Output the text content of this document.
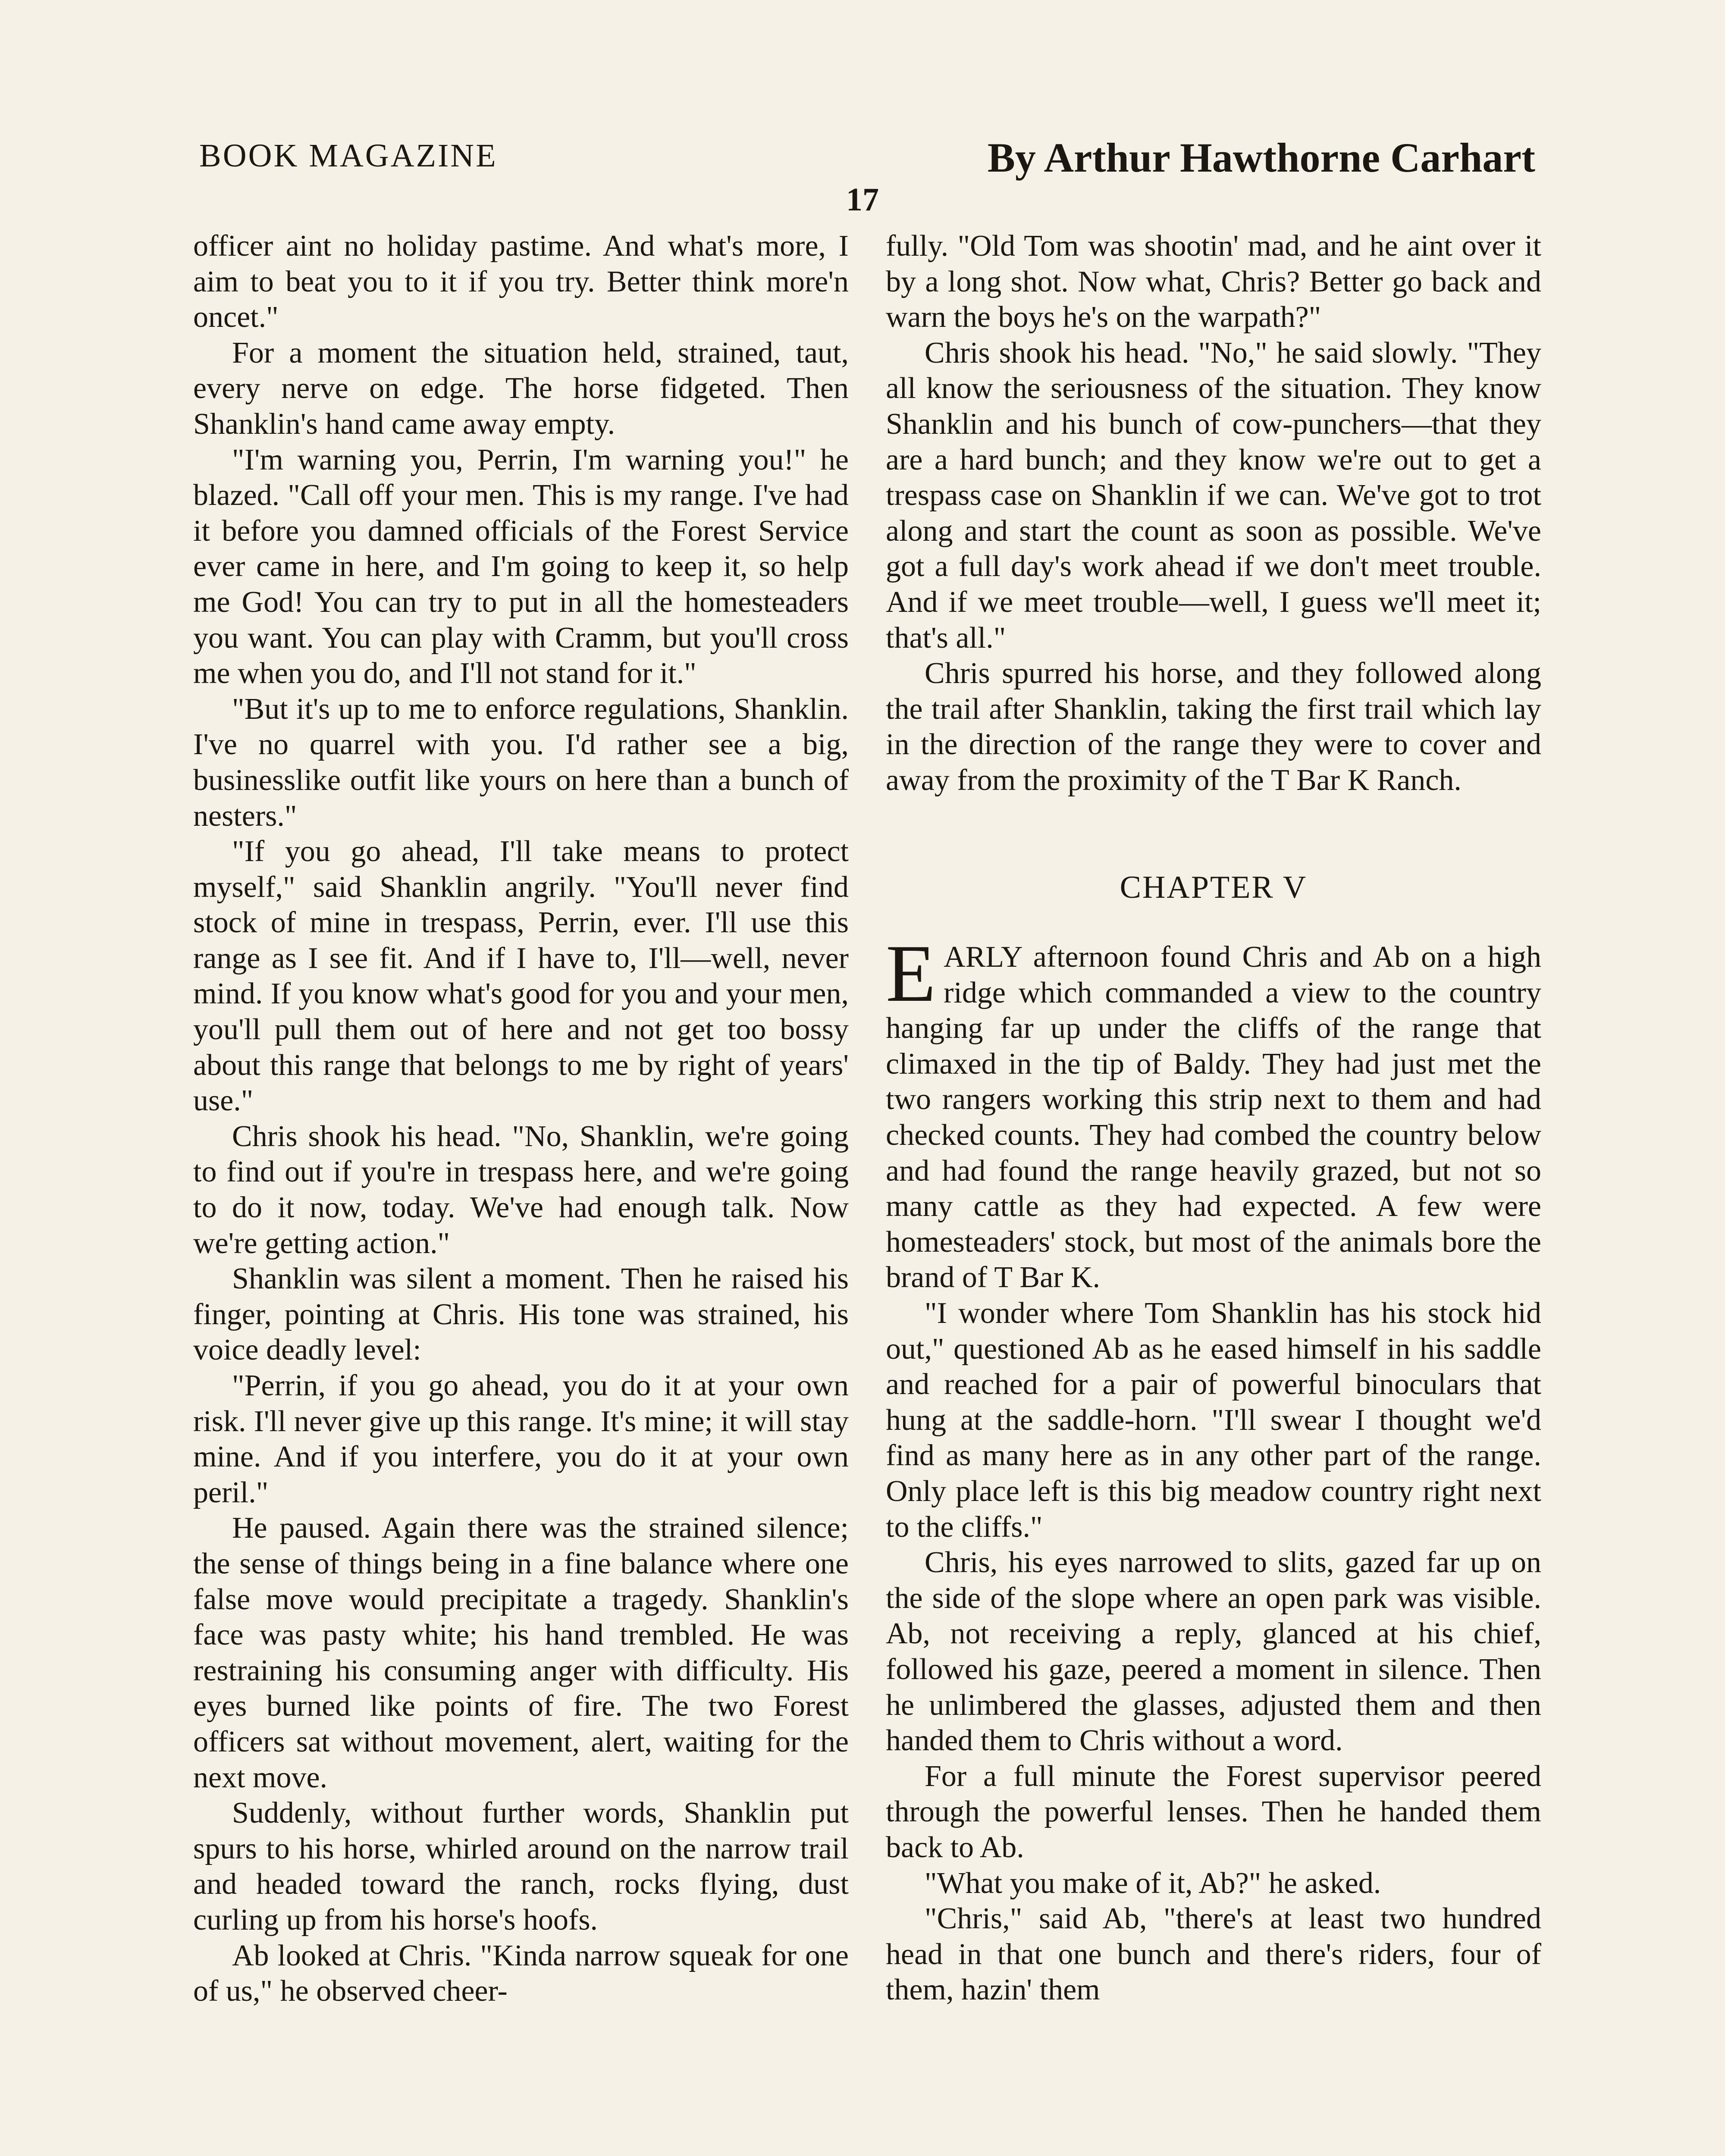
BOOK MAGAZINE	By Arthur Hawthorne Carhart
17

officer aint no holiday pastime. And what's more, I aim to beat you to it if you try. Better think more'n oncet."

For a moment the situation held, strained, taut, every nerve on edge. The horse fidgeted. Then Shanklin's hand came away empty.

"I'm warning you, Perrin, I'm warning you!" he blazed. "Call off your men. This is my range. I've had it before you damned officials of the Forest Service ever came in here, and I'm going to keep it, so help me God! You can try to put in all the homesteaders you want. You can play with Cramm, but you'll cross me when you do, and I'll not stand for it."

"But it's up to me to enforce regulations, Shanklin. I've no quarrel with you. I'd rather see a big, businesslike outfit like yours on here than a bunch of nesters."

"If you go ahead, I'll take means to protect myself," said Shanklin angrily. "You'll never find stock of mine in trespass, Perrin, ever. I'll use this range as I see fit. And if I have to, I'll—well, never mind. If you know what's good for you and your men, you'll pull them out of here and not get too bossy about this range that belongs to me by right of years' use."

Chris shook his head. "No, Shanklin, we're going to find out if you're in trespass here, and we're going to do it now, today. We've had enough talk. Now we're getting action."

Shanklin was silent a moment. Then he raised his finger, pointing at Chris. His tone was strained, his voice deadly level:

"Perrin, if you go ahead, you do it at your own risk. I'll never give up this range. It's mine; it will stay mine. And if you interfere, you do it at your own peril."

He paused. Again there was the strained silence; the sense of things being in a fine balance where one false move would precipitate a tragedy. Shanklin's face was pasty white; his hand trembled. He was restraining his consuming anger with difficulty. His eyes burned like points of fire. The two Forest officers sat without movement, alert, waiting for the next move.

Suddenly, without further words, Shanklin put spurs to his horse, whirled around on the narrow trail and headed toward the ranch, rocks flying, dust curling up from his horse's hoofs.

Ab looked at Chris. "Kinda narrow squeak for one of us," he observed cheer-

fully. "Old Tom was shootin' mad, and he aint over it by a long shot. Now what, Chris? Better go back and warn the boys he's on the warpath?"

Chris shook his head. "No," he said slowly. "They all know the seriousness of the situation. They know Shanklin and his bunch of cow-punchers—that they are a hard bunch; and they know we're out to get a trespass case on Shanklin if we can. We've got to trot along and start the count as soon as possible. We've got a full day's work ahead if we don't meet trouble. And if we meet trouble—well, I guess we'll meet it; that's all."

Chris spurred his horse, and they followed along the trail after Shanklin, taking the first trail which lay in the direction of the range they were to cover and away from the proximity of the T Bar K Ranch.

CHAPTER V

EARLY afternoon found Chris and Ab on a high ridge which commanded a view to the country hanging far up under the cliffs of the range that climaxed in the tip of Baldy. They had just met the two rangers working this strip next to them and had checked counts. They had combed the country below and had found the range heavily grazed, but not so many cattle as they had expected. A few were homesteaders' stock, but most of the animals bore the brand of T Bar K.

"I wonder where Tom Shanklin has his stock hid out," questioned Ab as he eased himself in his saddle and reached for a pair of powerful binoculars that hung at the saddle-horn. "I'll swear I thought we'd find as many here as in any other part of the range. Only place left is this big meadow country right next to the cliffs."

Chris, his eyes narrowed to slits, gazed far up on the side of the slope where an open park was visible. Ab, not receiving a reply, glanced at his chief, followed his gaze, peered a moment in silence. Then he unlimbered the glasses, adjusted them and then handed them to Chris without a word.

For a full minute the Forest supervisor peered through the powerful lenses. Then he handed them back to Ab.

"What you make of it, Ab?" he asked.

"Chris," said Ab, "there's at least two hundred head in that one bunch and there's riders, four of them, hazin' them
